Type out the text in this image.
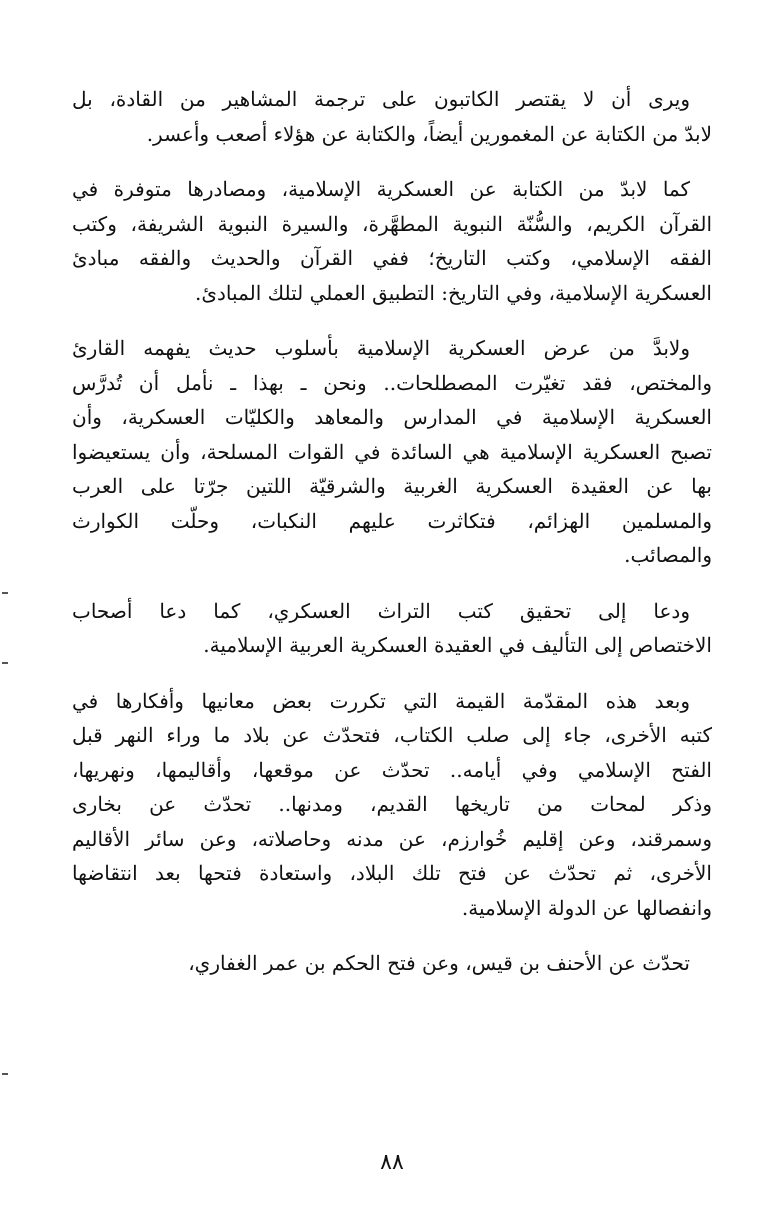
ويرى أن لا يقتصر الكاتبون على ترجمة المشاهير من القادة، بل
لابدّ من الكتابة عن المغمورين أيضاً، والكتابة عن هؤلاء أصعب وأعسر.
كما لابدّ من الكتابة عن العسكرية الإسلامية، ومصادرها متوفرة في
القرآن الكريم، والسُّنّة النبوية المطهَّرة، والسيرة النبوية الشريفة، وكتب
الفقه الإسلامي، وكتب التاريخ؛ ففي القرآن والحديث والفقه مبادئ
العسكرية الإسلامية، وفي التاريخ: التطبيق العملي لتلك المبادئ.
ولابدَّ من عرض العسكرية الإسلامية بأسلوب حديث يفهمه القارئ
والمختص، فقد تغيّرت المصطلحات.. ونحن ـ بهذا ـ نأمل أن تُدرَّس
العسكرية الإسلامية في المدارس والمعاهد والكليّات العسكرية، وأن
تصبح العسكرية الإسلامية هي السائدة في القوات المسلحة، وأن يستعيضوا
بها عن العقيدة العسكرية الغربية والشرقيّة اللتين جرّتا على العرب
والمسلمين الهزائم، فتكاثرت عليهم النكبات، وحلّت الكوارث
والمصائب.
ودعا إلى تحقيق كتب التراث العسكري، كما دعا أصحاب
الاختصاص إلى التأليف في العقيدة العسكرية العربية الإسلامية.
وبعد هذه المقدّمة القيمة التي تكررت بعض معانيها وأفكارها في
كتبه الأخرى، جاء إلى صلب الكتاب، فتحدّث عن بلاد ما وراء النهر قبل
الفتح الإسلامي وفي أيامه.. تحدّث عن موقعها، وأقاليمها، ونهريها،
وذكر لمحات من تاريخها القديم، ومدنها.. تحدّث عن بخارى
وسمرقند، وعن إقليم خُوارزم، عن مدنه وحاصلاته، وعن سائر الأقاليم
الأخرى، ثم تحدّث عن فتح تلك البلاد، واستعادة فتحها بعد انتقاضها
وانفصالها عن الدولة الإسلامية.
تحدّث عن الأحنف بن قيس، وعن فتح الحكم بن عمر الغفاري،
٨٨
